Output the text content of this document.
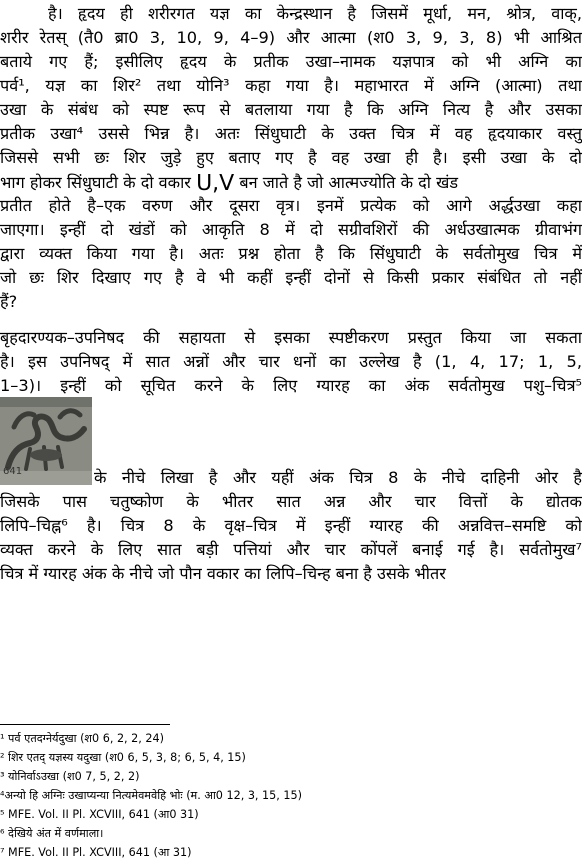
है। हृदय ही शरीरगत यज्ञ का केन्द्रस्थान है जिसमें मूर्धा, मन, श्रोत्र, वाक्,
शरीर रेतस् (तै0 ब्रा0 3, 10, 9, 4–9) और आत्मा (श0 3, 9, 3, 8) भी आश्रित
बताये गए हैं; इसीलिए हृदय के प्रतीक उखा–नामक यज्ञपात्र को भी अग्नि का
पर्व¹, यज्ञ का शिर² तथा योनि³ कहा गया है। महाभारत में अग्नि (आत्मा) तथा
उखा के संबंध को स्पष्ट रूप से बतलाया गया है कि अग्नि नित्य है और उसका
प्रतीक उखा⁴ उससे भिन्न है। अतः सिंधुघाटी के उक्त चित्र में वह हृदयाकार वस्तु
जिससे सभी छः शिर जुड़े हुए बताए गए है वह उखा ही है। इसी उखा के दो
भाग होकर सिंधुघाटी के दो वकार ᑌ,ᐯ बन जाते है जो आत्मज्योति के दो खंड
प्रतीत होते है–एक वरुण और दूसरा वृत्र। इनमें प्रत्येक को आगे अर्द्धउखा कहा
जाएगा। इन्हीं दो खंडों को आकृति 8 में दो सग्रीवशिरों की अर्धउखात्मक ग्रीवाभंग
द्वारा व्यक्त किया गया है। अतः प्रश्न होता है कि सिंधुघाटी के सर्वतोमुख चित्र में
जो छः शिर दिखाए गए है वे भी कहीं इन्हीं दोनों से किसी प्रकार संबंधित तो नहीं
हैं?
बृहदारण्यक–उपनिषद की सहायता से इसका स्पष्टीकरण प्रस्तुत किया जा सकता
है। इस उपनिषद् में सात अन्नों और चार धनों का उल्लेख है (1, 4, 17; 1, 5,
1–3)। इन्हीं को सूचित करने के लिए ग्यारह का अंक सर्वतोमुख पशु–चित्र⁵
641	के नीचे लिखा है और यहीं अंक चित्र 8 के नीचे दाहिनी ओर है
जिसके पास चतुष्कोण के भीतर सात अन्न और चार वित्तों के द्योतक
लिपि–चिह्न⁶ है। चित्र 8 के वृक्ष–चित्र में इन्हीं ग्यारह की अन्नवित्त–समष्टि को
व्यक्त करने के लिए सात बड़ी पत्तियां और चार कोंपलें बनाई गई है। सर्वतोमुख⁷
चित्र में ग्यारह अंक के नीचे जो पौन वकार का लिपि–चिन्ह बना है उसके भीतर
¹ पर्व एतदग्नेर्यदुखा (श0 6, 2, 2, 24)
² शिर एतद् यज्ञस्य यदुखा (श0 6, 5, 3, 8; 6, 5, 4, 15)
³ योनिर्वाऽउखा (श0 7, 5, 2, 2)
⁴अन्यो हि अग्निः उखाप्यन्या नित्यमेवमवेहि भोः (म. आ0 12, 3, 15, 15)
⁵ MFE. Vol. II Pl. XCVIII, 641 (आ0 31)
⁶ देखिये अंत में वर्णमाला।
⁷ MFE. Vol. II Pl. XCVIII, 641 (आ 31)
